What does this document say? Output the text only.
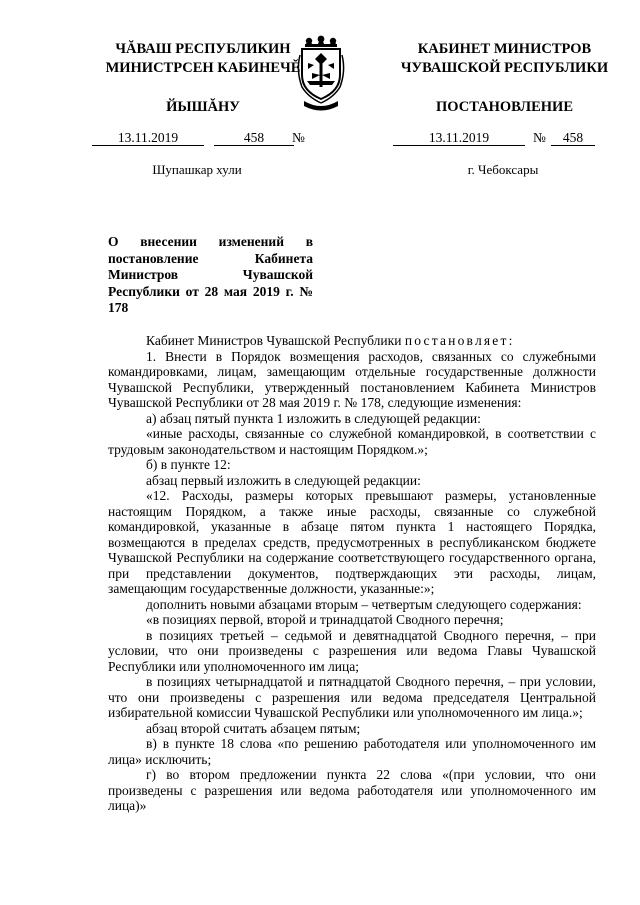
ЧĂВАШ РЕСПУБЛИКИН
МИНИСТРСЕН КАБИНЕЧĔ
ЙЫШĂНУ
КАБИНЕТ МИНИСТРОВ
ЧУВАШСКОЙ РЕСПУБЛИКИ
ПОСТАНОВЛЕНИЕ
13.11.2019	458	№	13.11.2019	№	458
Шупашкар хули	г. Чебоксары
О внесении изменений в постановление Кабинета Министров Чувашской Республики от 28 мая 2019 г. № 178

Кабинет Министров Чувашской Республики постановляет:

1. Внести в Порядок возмещения расходов, связанных со служебными командировками, лицам, замещающим отдельные государственные должности Чувашской Республики, утвержденный постановлением Кабинета Министров Чувашской Республики от 28 мая 2019 г. № 178, следующие изменения:

а) абзац пятый пункта 1 изложить в следующей редакции:

«иные расходы, связанные со служебной командировкой, в соответствии с трудовым законодательством и настоящим Порядком.»;

б) в пункте 12:

абзац первый изложить в следующей редакции:

«12. Расходы, размеры которых превышают размеры, установленные настоящим Порядком, а также иные расходы, связанные со служебной командировкой, указанные в абзаце пятом пункта 1 настоящего Порядка, возмещаются в пределах средств, предусмотренных в республиканском бюджете Чувашской Республики на содержание соответствующего государственного органа, при представлении документов, подтверждающих эти расходы, лицам, замещающим государственные должности, указанные:»;

дополнить новыми абзацами вторым – четвертым следующего содержания:

«в позициях первой, второй и тринадцатой Сводного перечня;

в позициях третьей – седьмой и девятнадцатой Сводного перечня, – при условии, что они произведены с разрешения или ведома Главы Чувашской Республики или уполномоченного им лица;

в позициях четырнадцатой и пятнадцатой Сводного перечня, – при условии, что они произведены с разрешения или ведома председателя Центральной избирательной комиссии Чувашской Республики или уполномоченного им лица.»;

абзац второй считать абзацем пятым;

в) в пункте 18 слова «по решению работодателя или уполномоченного им лица» исключить;

г) во втором предложении пункта 22 слова «(при условии, что они произведены с разрешения или ведома работодателя или уполномоченного им лица)»
